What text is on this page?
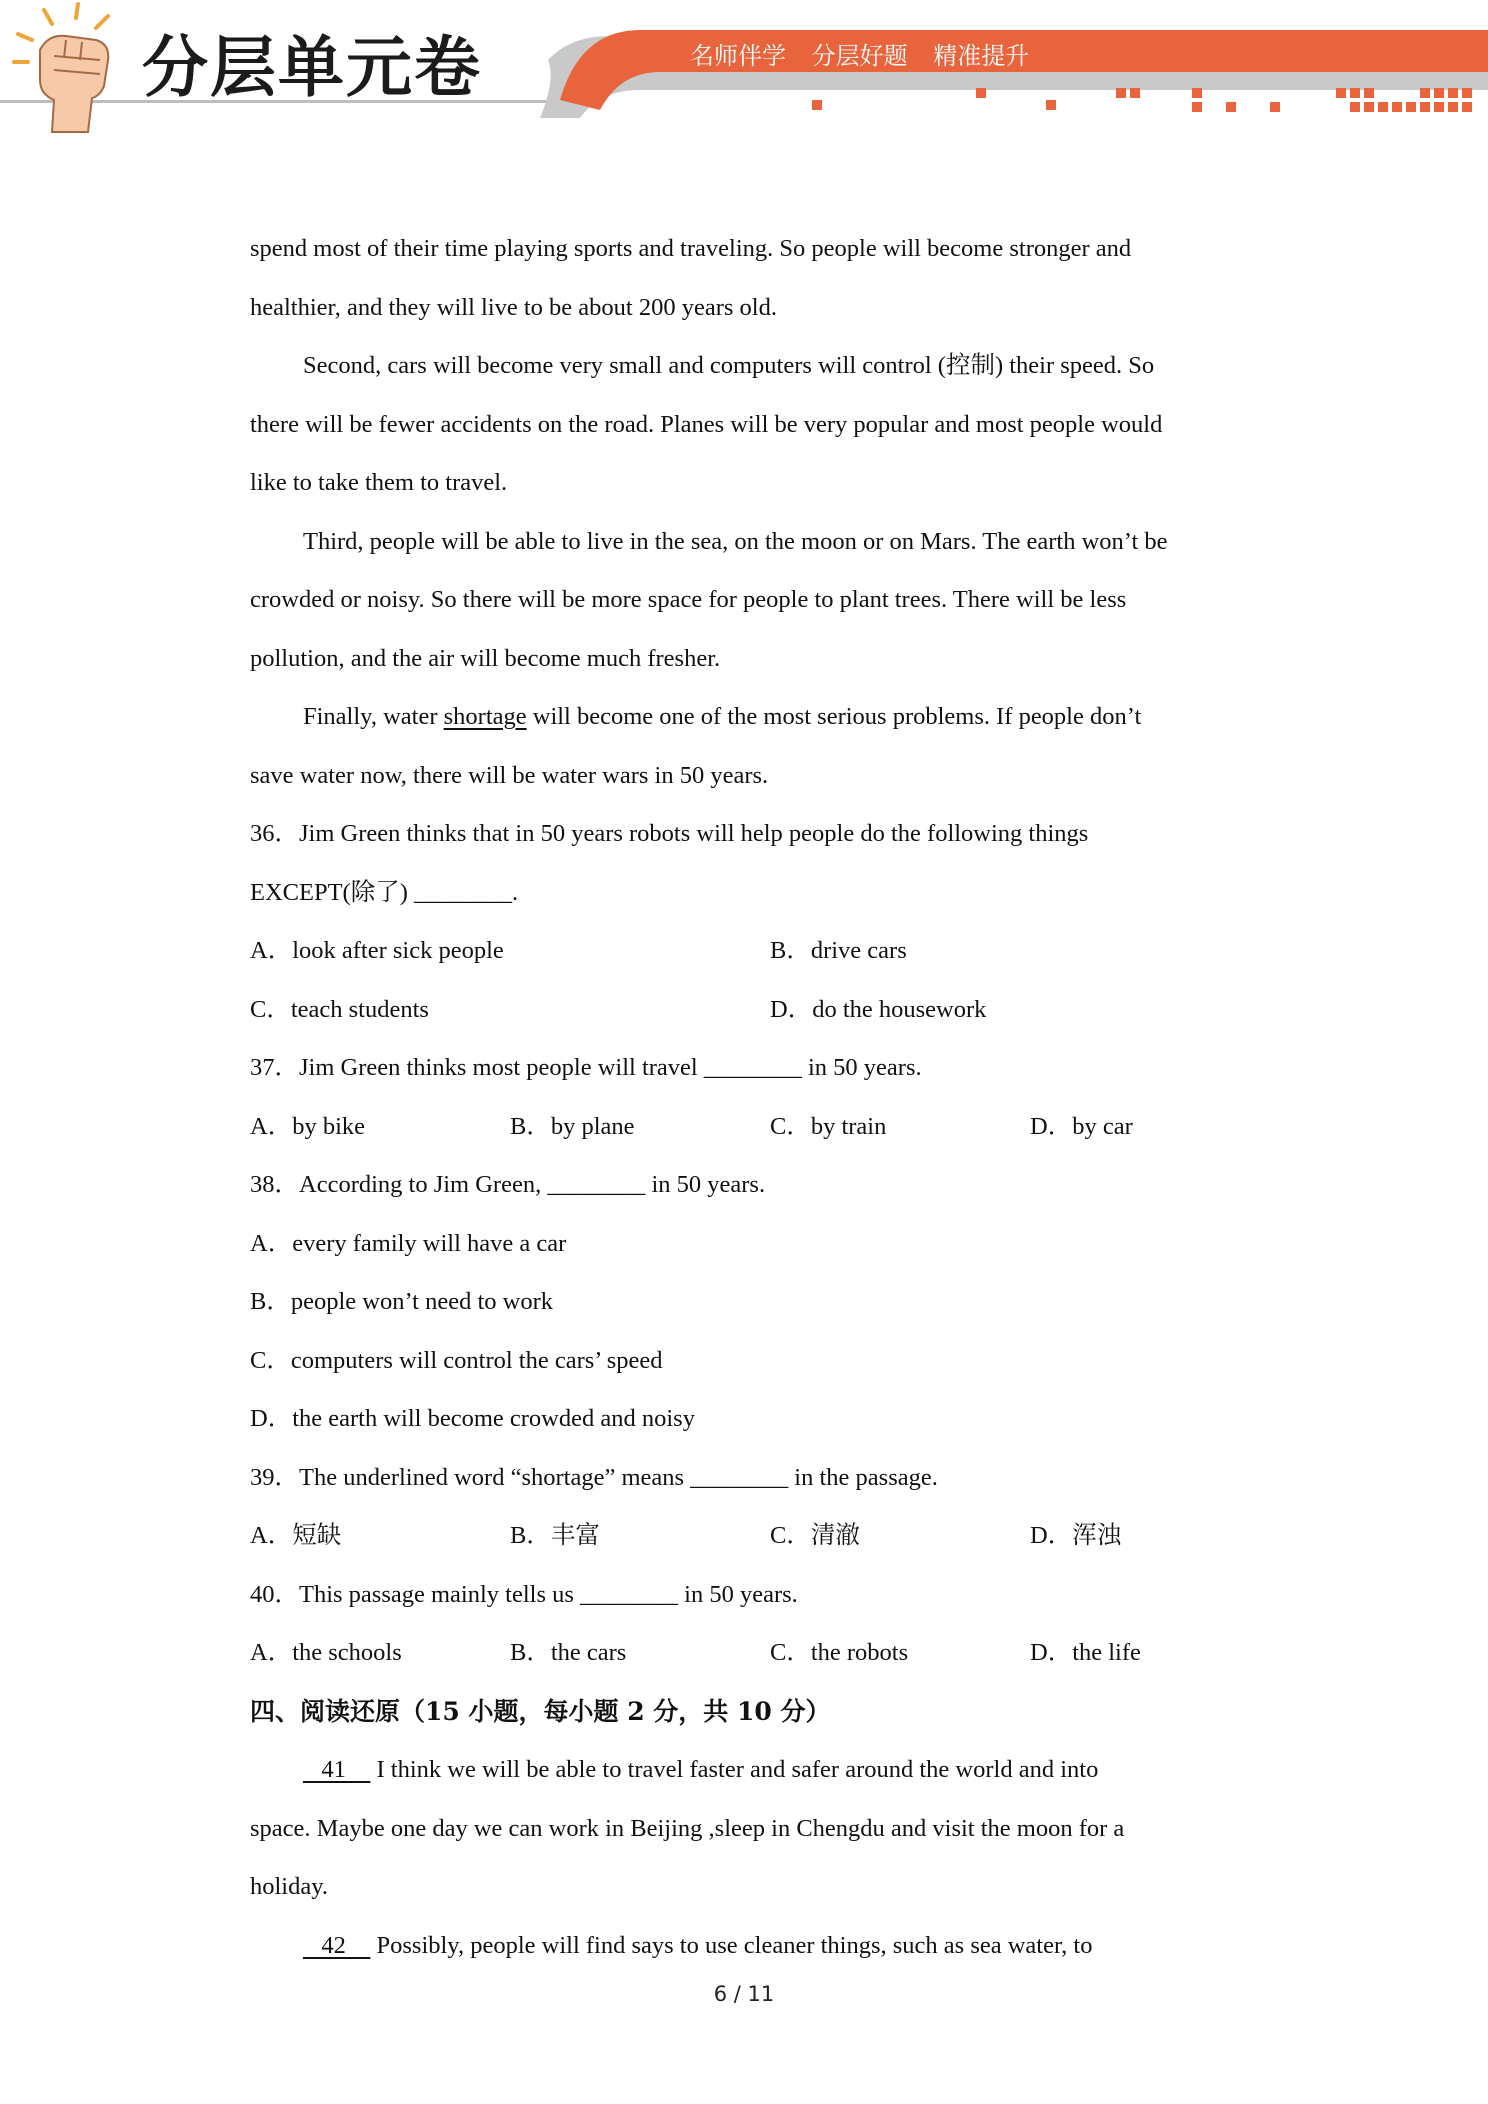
分层单元卷	名师伴学 分层好题 精准提升
spend most of their time playing sports and traveling. So people will become stronger and
healthier, and they will live to be about 200 years old.
Second, cars will become very small and computers will control (控制) their speed. So
there will be fewer accidents on the road. Planes will be very popular and most people would
like to take them to travel.
Third, people will be able to live in the sea, on the moon or on Mars. The earth won’t be
crowded or noisy. So there will be more space for people to plant trees. There will be less
pollution, and the air will become much fresher.
Finally, water shortage will become one of the most serious problems. If people don’t
save water now, there will be water wars in 50 years.
36．Jim Green thinks that in 50 years robots will help people do the following things
EXCEPT(除了) ________.
A．look after sick people	B．drive cars
C．teach students	D．do the housework
37．Jim Green thinks most people will travel ________ in 50 years.
A．by bike	B．by plane	C．by train	D．by car
38．According to Jim Green, ________ in 50 years.
A．every family will have a car
B．people won’t need to work
C．computers will control the cars’ speed
D．the earth will become crowded and noisy
39．The underlined word “shortage” means ________ in the passage.
A．短缺	B．丰富	C．清澈	D．浑浊
40．This passage mainly tells us ________ in 50 years.
A．the schools	B．the cars	C．the robots	D．the life
四、阅读还原（15 小题，每小题 2 分，共 10 分）
41     I think we will be able to travel faster and safer around the world and into
space. Maybe one day we can work in Beijing ,sleep in Chengdu and visit the moon for a
holiday.
42     Possibly, people will find says to use cleaner things, such as sea water, to
6 / 11
